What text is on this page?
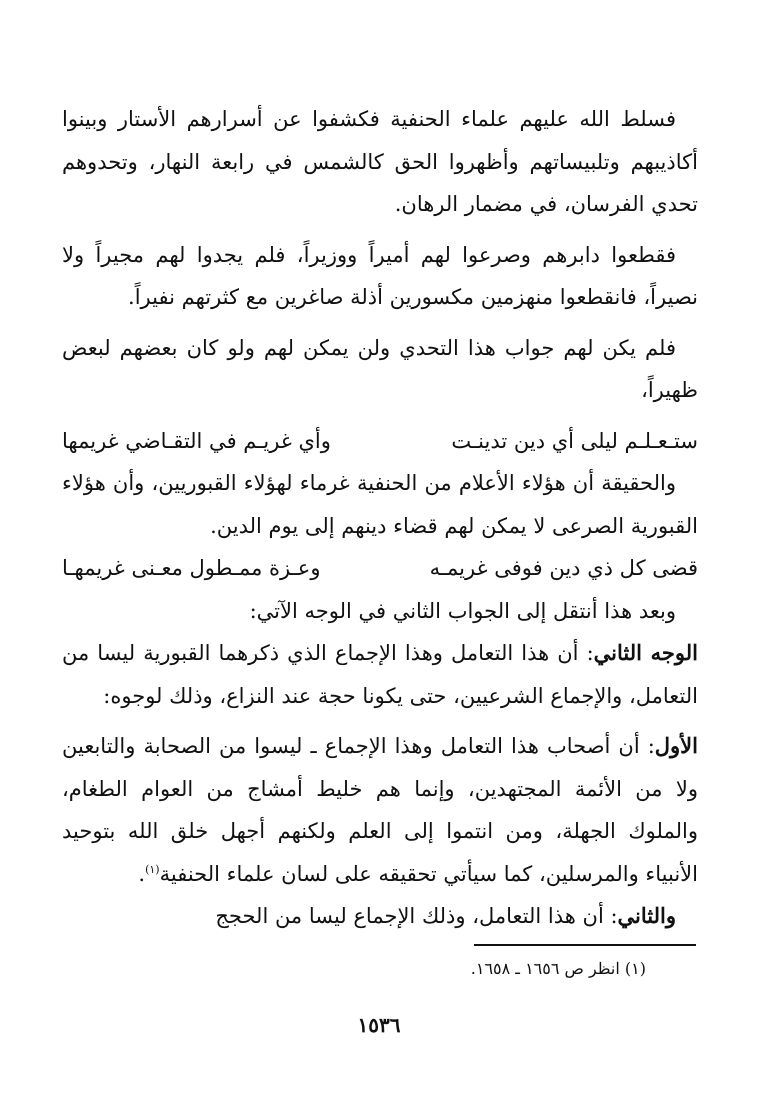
فسلط الله عليهم علماء الحنفية فكشفوا عن أسرارهم الأستار وبينوا أكاذيبهم وتلبيساتهم وأظهروا الحق كالشمس في رابعة النهار، وتحدوهم تحدي الفرسان، في مضمار الرهان.

فقطعوا دابرهم وصرعوا لهم أميراً ووزيراً، فلم يجدوا لهم مجيراً ولا نصيراً، فانقطعوا منهزمين مكسورين أذلة صاغرين مع كثرتهم نفيراً.

فلم يكن لهم جواب هذا التحدي ولن يمكن لهم ولو كان بعضهم لبعض ظهيراً،

ستـعـلـم ليلى أي دين تدينـت
وأي غريـم في التقـاضي غريمها

والحقيقة أن هؤلاء الأعلام من الحنفية غرماء لهؤلاء القبوريين، وأن هؤلاء القبورية الصرعى لا يمكن لهم قضاء دينهم إلى يوم الدين.

قضى كل ذي دين فوفى غريمـه
وعـزة ممـطول معـنى غريمهـا

وبعد هذا أنتقل إلى الجواب الثاني في الوجه الآتي:

الوجه الثاني: أن هذا التعامل وهذا الإجماع الذي ذكرهما القبورية ليسا من التعامل، والإجماع الشرعيين، حتى يكونا حجة عند النزاع، وذلك لوجوه:

الأول: أن أصحاب هذا التعامل وهذا الإجماع ـ ليسوا من الصحابة والتابعين ولا من الأئمة المجتهدين، وإنما هم خليط أمشاج من العوام الطغام، والملوك الجهلة، ومن انتموا إلى العلم ولكنهم أجهل خلق الله بتوحيد الأنبياء والمرسلين، كما سيأتي تحقيقه على لسان علماء الحنفية$^{(١)}$.

والثاني: أن هذا التعامل، وذلك الإجماع ليسا من الحجج

(١) انظر ص ١٦٥٦ ـ ١٦٥٨.
١٥٣٦
